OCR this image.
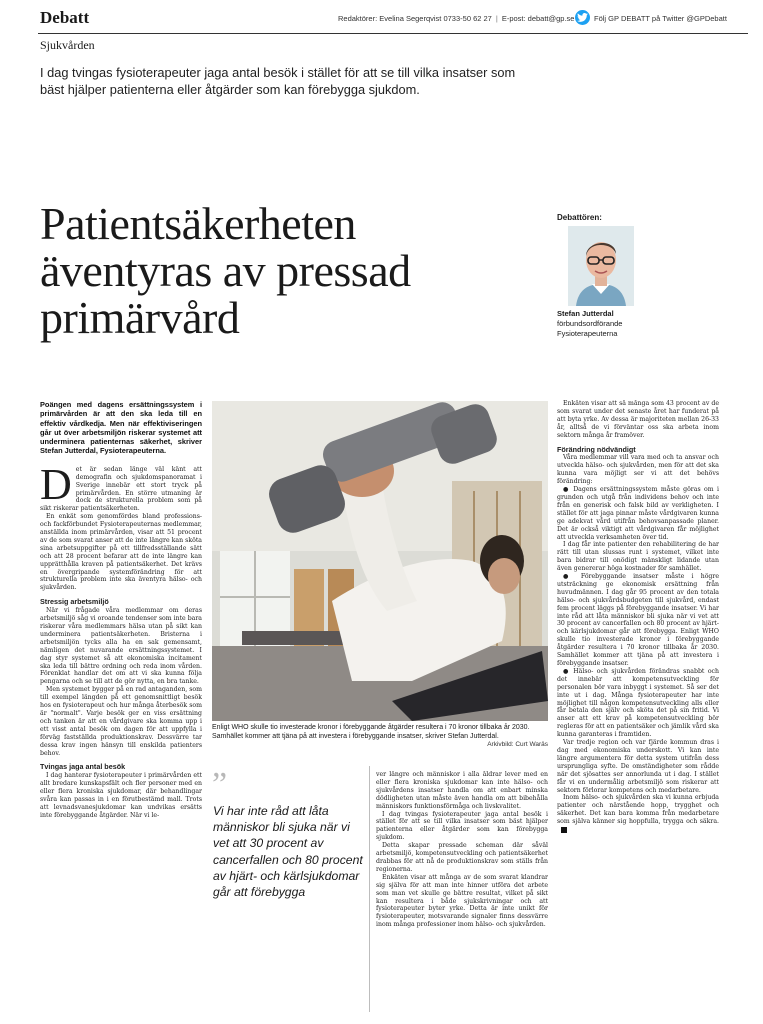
Debatt	Redaktörer: Evelina Segerqvist 0733-50 62 27 | E-post: debatt@gp.se	Följ GP DEBATT på Twitter @GPDebatt
Sjukvården
I dag tvingas fysioterapeuter jaga antal besök i stället för att se till vilka insatser som bäst hjälper patienterna eller åtgärder som kan förebygga sjukdom.
Patientsäkerheten äventyras av pressad primärvård
Debattören:
Stefan Jutterdal
förbundsordförande Fysioterapeuterna

Poängen med dagens ersättningssystem i primärvården är att den ska leda till en effektiv vårdkedja. Men när effektiviseringen går ut över arbetsmiljön riskerar systemet att underminera patienternas säkerhet, skriver Stefan Jutterdal, Fysioterapeuterna.

Det är sedan länge väl känt att demografin och sjukdomspanoramat i Sverige innebär ett stort tryck på primärvården. En större utmaning är dock de strukturella problem som på sikt riskerar patientsäkerheten.

En enkät som genomfördes bland professions- och fackförbundet Fysioterapeuternas medlemmar, anställda inom primärvården, visar att 51 procent av de som svarat anser att de inte längre kan sköta sina arbetsuppgifter på ett tillfredsställande sätt och att 28 procent befarar att de inte längre kan upprätthålla kraven på patientsäkerhet. Det krävs en övergripande systemförändring för att strukturella problem inte ska äventyra hälso- och sjukvården.

Stressig arbetsmiljö

När vi frågade våra medlemmar om deras arbetsmiljö såg vi oroande tendenser som inte bara riskerar våra medlemmars hälsa utan på sikt kan underminera patientsäkerheten. Bristerna i arbetsmiljön tycks alla ha en sak gemensamt, nämligen det nuvarande ersättningssystemet. I dag styr systemet så att ekonomiska incitament ska leda till bättre ordning och reda inom vården. Förenklat handlar det om att vi ska kunna följa pengarna och se till att de gör nytta, en bra tanke.

Men systemet bygger på en rad antaganden, som till exempel längden på ett genomsnittligt besök hos en fysioterapeut och hur många återbesök som är "normalt". Varje besök ger en viss ersättning och tanken är att en vårdgivare ska komma upp i ett visst antal besök om dagen för att uppfylla i förväg fastställda produktionskrav. Dessvärre tar dessa krav ingen hänsyn till enskilda patienters behov.

Tvingas jaga antal besök

I dag hanterar fysioterapeuter i primärvården ett allt bredare kunskapsfält och fler personer med en eller flera kroniska sjukdomar, där behandlingar svåra kan passas in i en förutbestämd mall. Trots att levnadsvanesjukdomar kan undvikas ersätts inte förebyggande åtgärder. När vi le-

Enligt WHO skulle tio investerade kronor i förebyggande åtgärder resultera i 70 kronor tillbaka år 2030. Samhället kommer att tjäna på att investera i förebyggande insatser, skriver Stefan Jutterdal.
Arkivbild: Curt Waräs
”
Vi har inte råd att låta människor bli sjuka när vi vet att 30 procent av cancerfallen och 80 procent av hjärt- och kärlsjukdomar går att förebygga

ver längre och människor i alla åldrar lever med en eller flera kroniska sjukdomar kan inte hälso- och sjukvårdens insatser handla om att enbart minska dödligheten utan måste även handla om att bibehålla människors funktionsförmåga och livskvalitet.

I dag tvingas fysioterapeuter jaga antal besök i stället för att se till vilka insatser som bäst hjälper patienterna eller åtgärder som kan förebygga sjukdom.

Detta skapar pressade scheman där såväl arbetsmiljö, kompetensutveckling och patientsäkerhet drabbas för att nå de produktionskrav som ställs från regionerna.

Enkäten visar att många av de som svarat klandrar sig själva för att man inte hinner utföra det arbete som man vet skulle ge bättre resultat, vilket på sikt kan resultera i både sjukskrivningar och att fysioterapeuter byter yrke. Detta är inte unikt för fysioterapeuter, motsvarande signaler finns dessvärre inom många professioner inom hälso- och sjukvården.

Enkäten visar att så många som 43 procent av de som svarat under det senaste året har funderat på att byta yrke. Av dessa är majoriteten mellan 26-33 år, alltså de vi förväntar oss ska arbeta inom sektorn många år framöver.

Förändring nödvändigt

Våra medlemmar vill vara med och ta ansvar och utveckla hälso- och sjukvården, men för att det ska kunna vara möjligt ser vi att det behövs förändring:

● Dagens ersättningssystem måste göras om i grunden och utgå från individens behov och inte från en generisk och falsk bild av verkligheten. I stället för att jaga pinnar måste vårdgivaren kunna ge adekvat vård utifrån behovsanpassade planer. Det är också viktigt att vårdgivaren får möjlighet att utveckla verksamheten över tid.

I dag får inte patienter den rehabilitering de har rätt till utan slussas runt i systemet, vilket inte bara bidrar till onödigt mänskligt lidande utan även genererar höga kostnader för samhället.

● Förebyggande insatser måste i högre utsträckning ge ekonomisk ersättning från huvudmännen. I dag går 95 procent av den totala hälso- och sjukvårdsbudgeten till sjukvård, endast fem procent läggs på förebyggande insatser. Vi har inte råd att låta människor bli sjuka när vi vet att 30 procent av cancerfallen och 80 procent av hjärt- och kärlsjukdomar går att förebygga. Enligt WHO skulle tio investerade kronor i förebyggande åtgärder resultera i 70 kronor tillbaka år 2030. Samhället kommer att tjäna på att investera i förebyggande insatser.

● Hälso- och sjukvården förändras snabbt och det innebär att kompetensutveckling för personalen bör vara inbyggt i systemet. Så ser det inte ut i dag. Många fysioterapeuter har inte möjlighet till någon kompetensutveckling alls eller får betala den själv och sköta det på sin fritid. Vi anser att ett krav på kompetensutveckling bör regleras för att en patientsäker och jämlik vård ska kunna garanteras i framtiden.

Var tredje region och var fjärde kommun dras i dag med ekonomiska underskott. Vi kan inte längre argumentera för detta system utifrån dess ursprungliga syfte. De omständigheter som rådde när det sjösattes ser annorlunda ut i dag. I stället får vi en undermålig arbetsmiljö som riskerar att sektorn förlorar kompetens och medarbetare.

Inom hälso- och sjukvården ska vi kunna erbjuda patienter och närstående hopp, trygghet och säkerhet. Det kan bara komma från medarbetare som själva känner sig hoppfulla, trygga och säkra.
